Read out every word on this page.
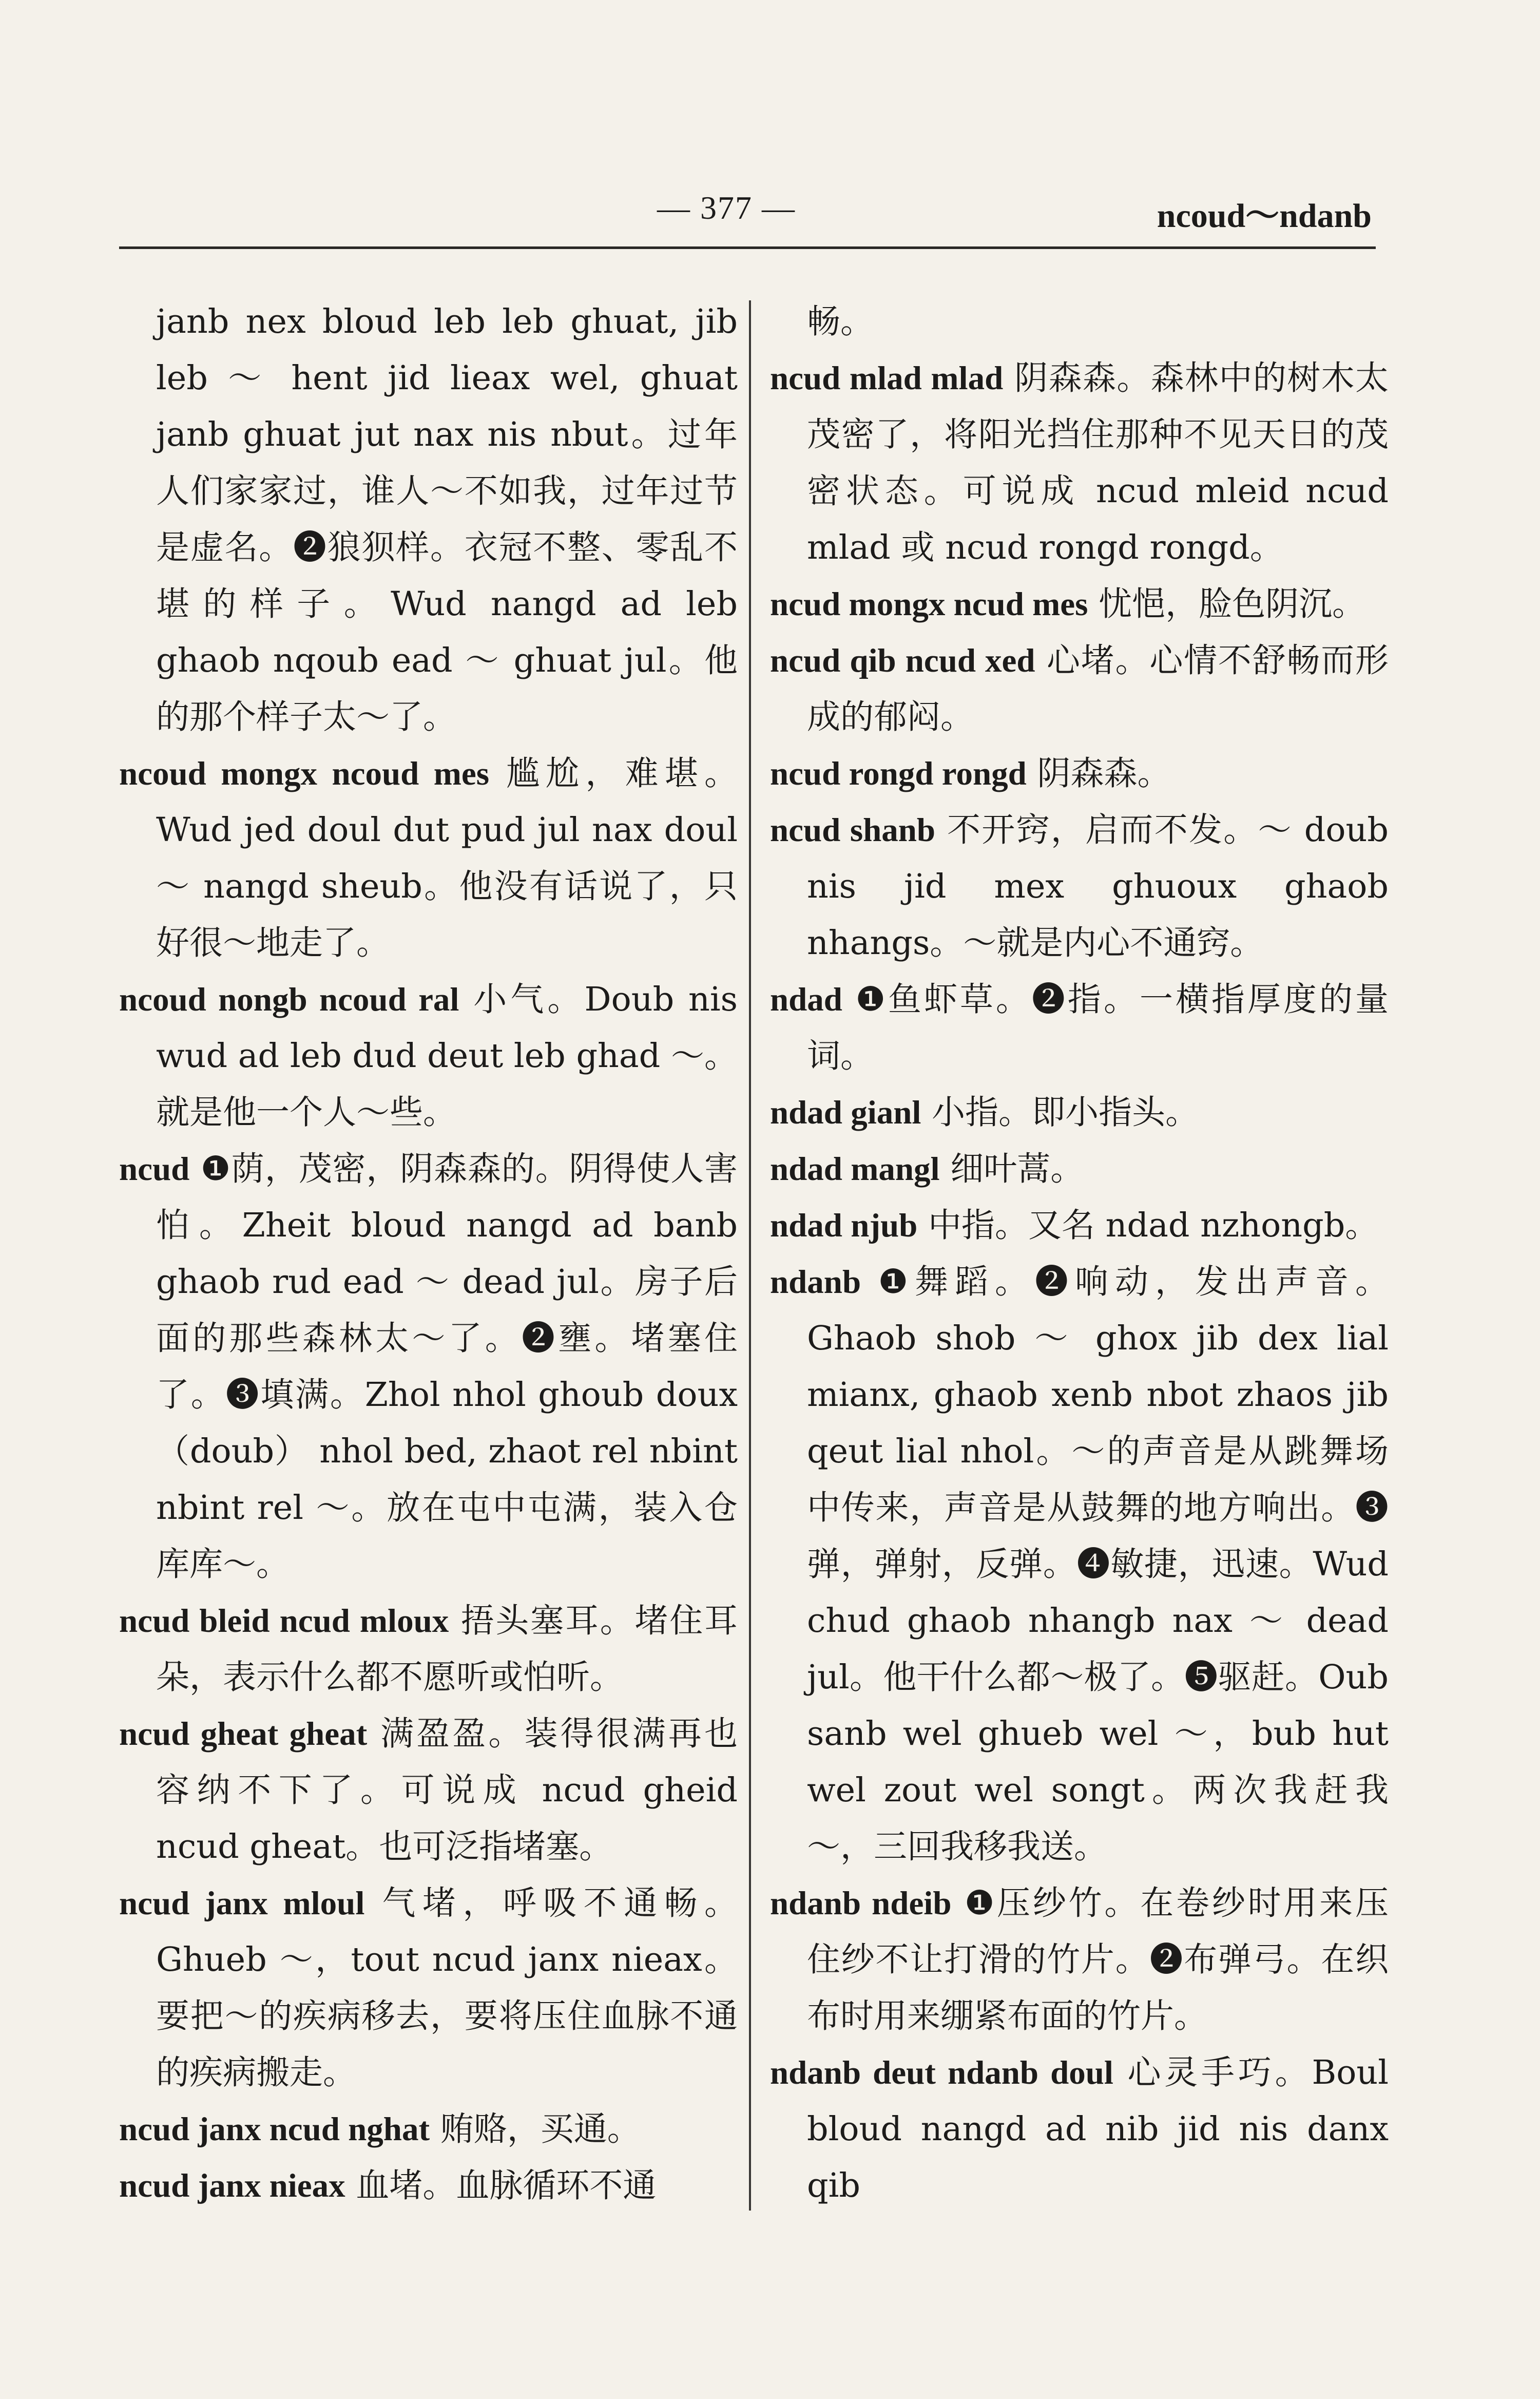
— 377 —	ncoud～ndanb
janb nex bloud leb leb ghuat, jib leb ～ hent jid lieax wel, ghuat janb ghuat jut nax nis nbut。过年人们家家过，谁人～不如我，过年过节是虚名。❷狼狈样。衣冠不整、零乱不堪的样子。Wud nangd ad leb ghaob nqoub ead ～ ghuat jul。他的那个样子太～了。
ncoud mongx ncoud mes 尴尬，难堪。Wud jed doul dut pud jul nax doul ～ nangd sheub。他没有话说了，只好很～地走了。
ncoud nongb ncoud ral 小气。Doub nis wud ad leb dud deut leb ghad ～。就是他一个人～些。
ncud ❶荫，茂密，阴森森的。阴得使人害怕。Zheit bloud nangd ad banb ghaob rud ead ～ dead jul。房子后面的那些森林太～了。❷壅。堵塞住了。❸填满。Zhol nhol ghoub doux （doub） nhol bed, zhaot rel nbint nbint rel ～。放在屯中屯满，装入仓库库～。
ncud bleid ncud mloux 捂头塞耳。堵住耳朵，表示什么都不愿听或怕听。
ncud gheat gheat 满盈盈。装得很满再也容纳不下了。可说成 ncud gheid ncud gheat。也可泛指堵塞。
ncud janx mloul 气堵，呼吸不通畅。Ghueb ～，tout ncud janx nieax。要把～的疾病移去，要将压住血脉不通的疾病搬走。
ncud janx ncud nghat 贿赂，买通。
ncud janx nieax 血堵。血脉循环不通
畅。
ncud mlad mlad 阴森森。森林中的树木太茂密了，将阳光挡住那种不见天日的茂密状态。可说成 ncud mleid ncud mlad 或 ncud rongd rongd。
ncud mongx ncud mes 忧悒，脸色阴沉。
ncud qib ncud xed 心堵。心情不舒畅而形成的郁闷。
ncud rongd rongd 阴森森。
ncud shanb 不开窍，启而不发。～ doub nis jid mex ghuoux ghaob nhangs。～就是内心不通窍。
ndad ❶鱼虾草。❷指。一横指厚度的量词。
ndad gianl 小指。即小指头。
ndad mangl 细叶蒿。
ndad njub 中指。又名 ndad nzhongb。
ndanb ❶舞蹈。❷响动，发出声音。Ghaob shob ～ ghox jib dex lial mianx, ghaob xenb nbot zhaos jib qeut lial nhol。～的声音是从跳舞场中传来，声音是从鼓舞的地方响出。❸弹，弹射，反弹。❹敏捷，迅速。Wud chud ghaob nhangb nax ～ dead jul。他干什么都～极了。❺驱赶。Oub sanb wel ghueb wel ～，bub hut wel zout wel songt。两次我赶我～，三回我移我送。
ndanb ndeib ❶压纱竹。在卷纱时用来压住纱不让打滑的竹片。❷布弹弓。在织布时用来绷紧布面的竹片。
ndanb deut ndanb doul 心灵手巧。Boul bloud nangd ad nib jid nis danx qib
